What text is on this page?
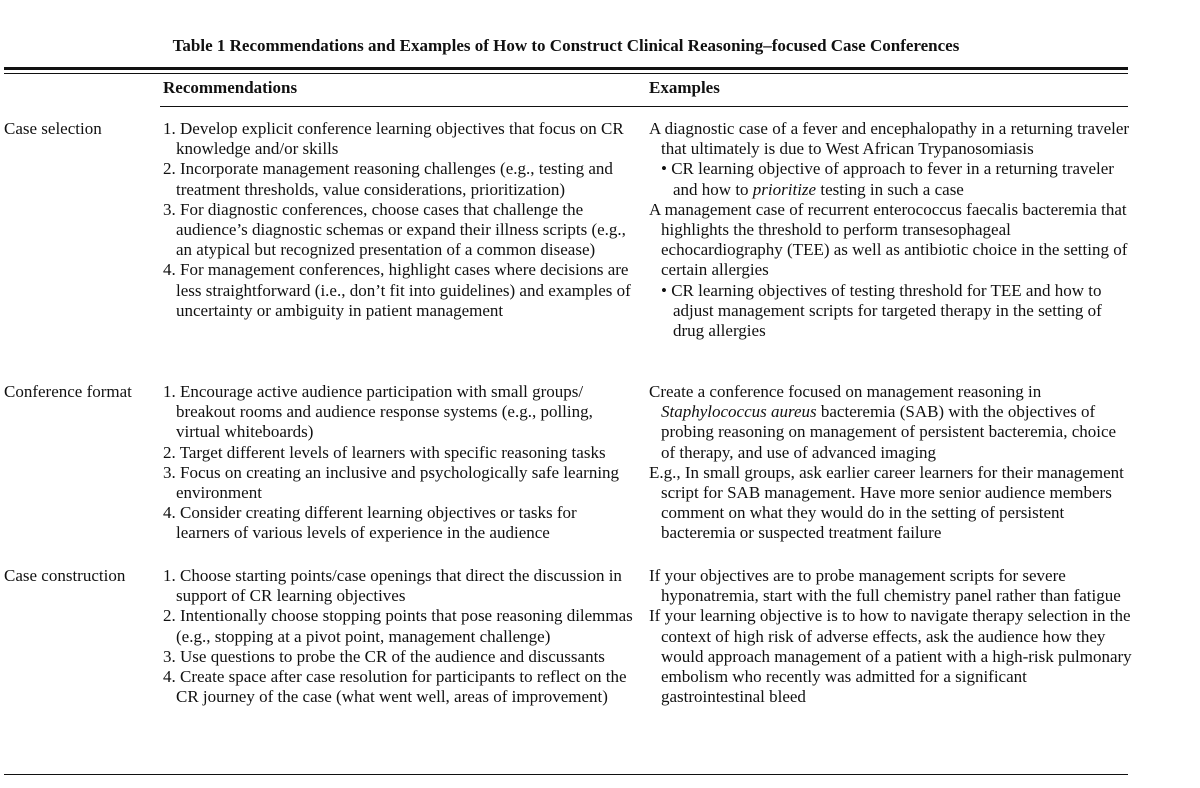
Table 1 Recommendations and Examples of How to Construct Clinical Reasoning–focused Case Conferences
Recommendations	Examples
Case selection	1. Develop explicit conference learning objectives that focus on CR knowledge and/or skills

2. Incorporate management reasoning challenges (e.g., testing and treatment thresholds, value considerations, prioritization)

3. For diagnostic conferences, choose cases that challenge the audience’s diagnostic schemas or expand their illness scripts (e.g., an atypical but recognized presentation of a common disease)

4. For management conferences, highlight cases where decisions are less straightforward (i.e., don’t fit into guidelines) and examples of uncertainty or ambiguity in patient management

A diagnostic case of a fever and encephalopathy in a returning traveler that ultimately is due to West African Trypanosomiasis

• CR learning objective of approach to fever in a returning traveler and how to prioritize testing in such a case

A management case of recurrent enterococcus faecalis bacteremia that highlights the threshold to perform transesophageal echocardiography (TEE) as well as antibiotic choice in the setting of certain allergies

• CR learning objectives of testing threshold for TEE and how to adjust management scripts for targeted therapy in the setting of drug allergies

Conference format 1. Encourage active audience participation with small groups/ breakout rooms and audience response systems (e.g., polling, virtual whiteboards)

2. Target different levels of learners with specific reasoning tasks

3. Focus on creating an inclusive and psychologically safe learning environment

4. Consider creating different learning objectives or tasks for learners of various levels of experience in the audience

Create a conference focused on management reasoning in Staphylococcus aureus bacteremia (SAB) with the objectives of probing reasoning on management of persistent bacteremia, choice of therapy, and use of advanced imaging

E.g., In small groups, ask earlier career learners for their management script for SAB management. Have more senior audience members comment on what they would do in the setting of persistent bacteremia or suspected treatment failure

Case construction 1. Choose starting points/case openings that direct the discussion in support of CR learning objectives

2. Intentionally choose stopping points that pose reasoning dilemmas (e.g., stopping at a pivot point, management challenge)

3. Use questions to probe the CR of the audience and discussants

4. Create space after case resolution for participants to reflect on the CR journey of the case (what went well, areas of improvement)

If your objectives are to probe management scripts for severe hyponatremia, start with the full chemistry panel rather than fatigue

If your learning objective is to how to navigate therapy selection in the context of high risk of adverse effects, ask the audience how they would approach management of a patient with a high-risk pulmonary embolism who recently was admitted for a significant gastrointestinal bleed
